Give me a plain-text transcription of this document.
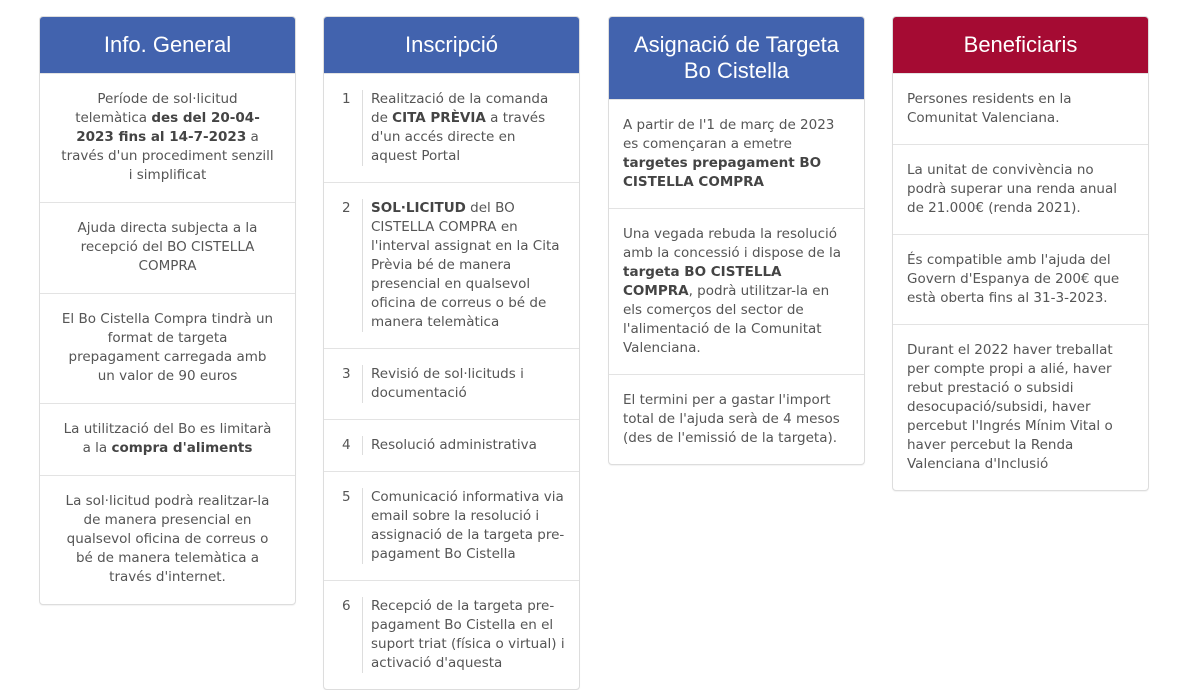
Info. General
Període de sol·licitud telemàtica des del 20-04-2023 fins al 14-7-2023 a través d'un procediment senzill i simplificat
Ajuda directa subjecta a la recepció del BO CISTELLA COMPRA
El Bo Cistella Compra tindrà un format de targeta prepagament carregada amb un valor de 90 euros
La utilització del Bo es limitarà a la compra d'aliments
La sol·licitud podrà realitzar-la de manera presencial en qualsevol oficina de correus o bé de manera telemàtica a través d'internet.
Inscripció
1	Realització de la comanda de CITA PRÈVIA a través d'un accés directe en aquest Portal
2	SOL·LICITUD del BO CISTELLA COMPRA en l'interval assignat en la Cita Prèvia bé de manera presencial en qualsevol oficina de correus o bé de manera telemàtica
3	Revisió de sol·licituds i documentació
4	Resolució administrativa
5	Comunicació informativa via email sobre la resolució i assignació de la targeta pre-pagament Bo Cistella
6	Recepció de la targeta pre-pagament Bo Cistella en el suport triat (física o virtual) i activació d'aquesta
Asignació de Targeta
Bo Cistella
A partir de l'1 de març de 2023 es començaran a emetre targetes prepagament BO CISTELLA COMPRA
Una vegada rebuda la resolució amb la concessió i dispose de la targeta BO CISTELLA COMPRA, podrà utilitzar-la en els comerços del sector de l'alimentació de la Comunitat Valenciana.
El termini per a gastar l'import total de l'ajuda serà de 4 mesos (des de l'emissió de la targeta).
Beneficiaris
Persones residents en la Comunitat Valenciana.
La unitat de convivència no podrà superar una renda anual de 21.000€ (renda 2021).
És compatible amb l'ajuda del Govern d'Espanya de 200€ que està oberta fins al 31-3-2023.
Durant el 2022 haver treballat per compte propi a alié, haver rebut prestació o subsidi desocupació/subsidi, haver percebut l'Ingrés Mínim Vital o haver percebut la Renda Valenciana d'Inclusió
